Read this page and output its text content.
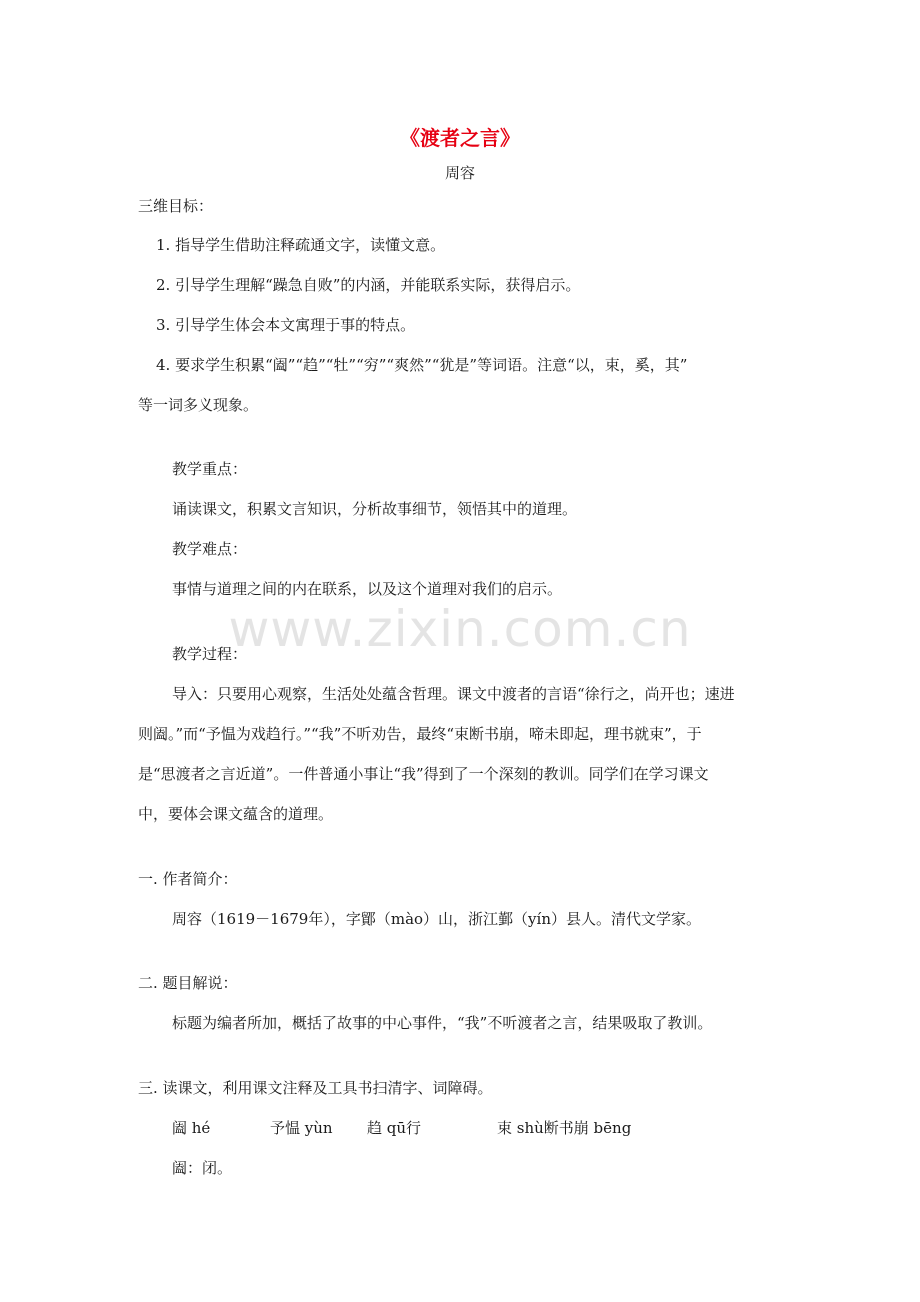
《渡者之言》
周容
三维目标：
1. 指导学生借助注释疏通文字，读懂文意。
2. 引导学生理解“躁急自败”的内涵，并能联系实际，获得启示。
3. 引导学生体会本文寓理于事的特点。
4. 要求学生积累“阖”“趋”“牡”“穷”“爽然”“犹是”等词语。注意“以，束，奚，其”
等一词多义现象。
教学重点：
诵读课文，积累文言知识，分析故事细节，领悟其中的道理。
教学难点：
事情与道理之间的内在联系，以及这个道理对我们的启示。
www.zixin.com.cn
教学过程：
导入：只要用心观察，生活处处蕴含哲理。课文中渡者的言语“徐行之，尚开也；速进
则阖。”而“予愠为戏趋行。”“我”不听劝告，最终“束断书崩，啼未即起，理书就束”，于
是“思渡者之言近道”。一件普通小事让“我”得到了一个深刻的教训。同学们在学习课文
中，要体会课文蕴含的道理。
一. 作者简介：
周容（1619－1679年），字鄮（mào）山，浙江鄞（yín）县人。清代文学家。
二. 题目解说：
标题为编者所加，概括了故事的中心事件，“我”不听渡者之言，结果吸取了教训。
三. 读课文，利用课文注释及工具书扫清字、词障碍。
阖 hé	予愠 yùn 趋 qū行	束 shù断书崩 bēng
阖：闭。
